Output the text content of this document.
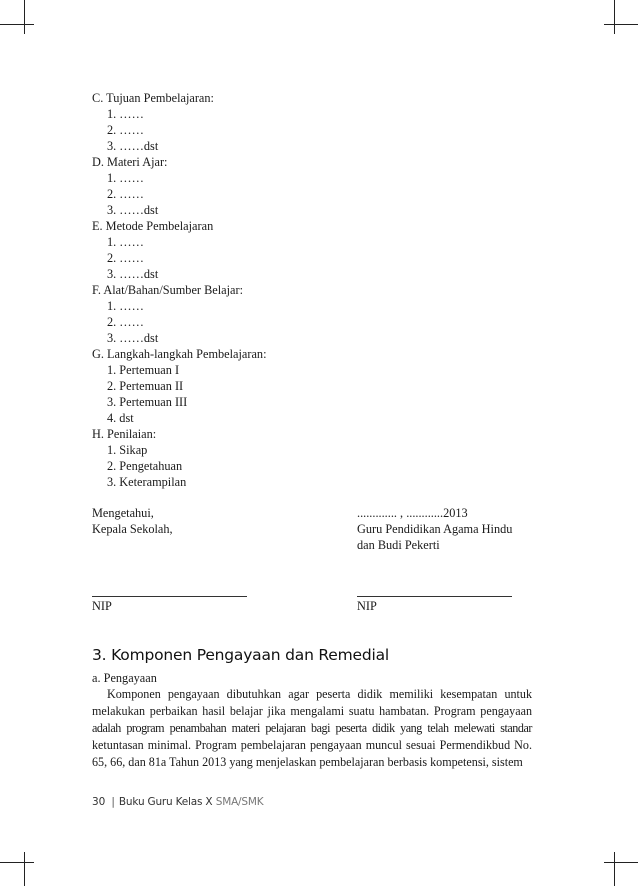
C. Tujuan Pembelajaran:
1. ……
2. ……
3. ……dst
D. Materi Ajar:
1. ……
2. ……
3. ……dst
E. Metode Pembelajaran
1. ……
2. ……
3. ……dst
F. Alat/Bahan/Sumber Belajar:
1. ……
2. ……
3. ……dst
G. Langkah-langkah Pembelajaran:
1. Pertemuan I
2. Pertemuan II
3. Pertemuan III
4. dst
H. Penilaian:
1. Sikap
2. Pengetahuan
3. Keterampilan
Mengetahui,
Kepala Sekolah,
............. , ............2013
Guru Pendidikan Agama Hindu
dan Budi Pekerti
NIP	NIP
3. Komponen Pengayaan dan Remedial
a. Pengayaan
Komponen pengayaan dibutuhkan agar peserta didik memiliki kesempatan untuk melakukan perbaikan hasil belajar jika mengalami suatu hambatan. Program pengayaan adalah program penambahan materi pelajaran bagi peserta didik yang telah melewati standar ketuntasan minimal. Program pembelajaran pengayaan muncul sesuai Permendikbud No. 65, 66, dan 81a Tahun 2013 yang menjelaskan pembelajaran berbasis kompetensi, sistem
30 | Buku Guru Kelas X SMA/SMK
